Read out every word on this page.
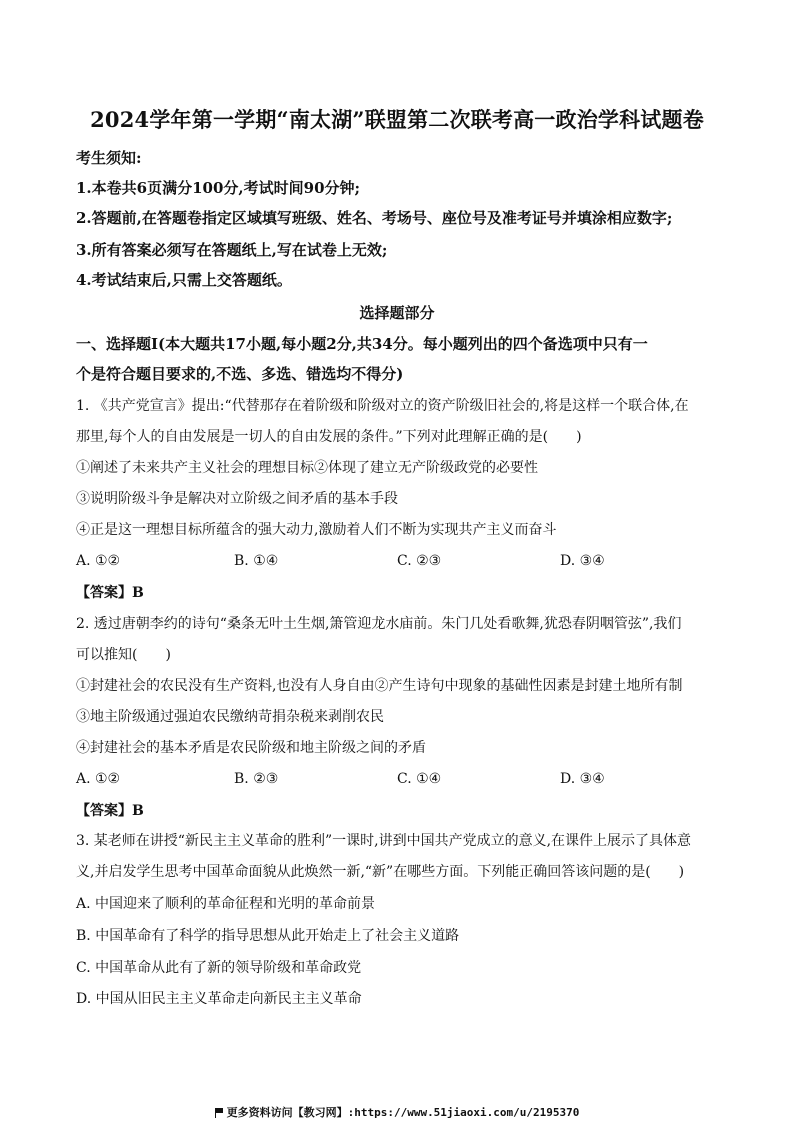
2024学年第一学期“南太湖”联盟第二次联考高一政治学科试题卷
考生须知:
1.本卷共6页满分100分,考试时间90分钟;
2.答题前,在答题卷指定区域填写班级、姓名、考场号、座位号及准考证号并填涂相应数字;
3.所有答案必须写在答题纸上,写在试卷上无效;
4.考试结束后,只需上交答题纸。
选择题部分
一、选择题Ⅰ(本大题共17小题,每小题2分,共34分。每小题列出的四个备选项中只有一
个是符合题目要求的,不选、多选、错选均不得分)
1. 《共产党宣言》提出:“代替那存在着阶级和阶级对立的资产阶级旧社会的,将是这样一个联合体,在
那里,每个人的自由发展是一切人的自由发展的条件。”下列对此理解正确的是(　　)
①阐述了未来共产主义社会的理想目标②体现了建立无产阶级政党的必要性
③说明阶级斗争是解决对立阶级之间矛盾的基本手段
④正是这一理想目标所蕴含的强大动力,激励着人们不断为实现共产主义而奋斗
A. ①②	B. ①④	C. ②③	D. ③④
【答案】B
2. 透过唐朝李约的诗句“桑条无叶土生烟,箫管迎龙水庙前。朱门几处看歌舞,犹恐春阴咽管弦”,我们
可以推知(　　)
①封建社会的农民没有生产资料,也没有人身自由②产生诗句中现象的基础性因素是封建土地所有制
③地主阶级通过强迫农民缴纳苛捐杂税来剥削农民
④封建社会的基本矛盾是农民阶级和地主阶级之间的矛盾
A. ①②	B. ②③	C. ①④	D. ③④
【答案】B
3. 某老师在讲授“新民主主义革命的胜利”一课时,讲到中国共产党成立的意义,在课件上展示了具体意
义,并启发学生思考中国革命面貌从此焕然一新,“新”在哪些方面。下列能正确回答该问题的是(　　)
A. 中国迎来了顺利的革命征程和光明的革命前景
B. 中国革命有了科学的指导思想从此开始走上了社会主义道路
C. 中国革命从此有了新的领导阶级和革命政党
D. 中国从旧民主主义革命走向新民主主义革命
更多资料访问【教习网】:https://www.51jiaoxi.com/u/2195370
